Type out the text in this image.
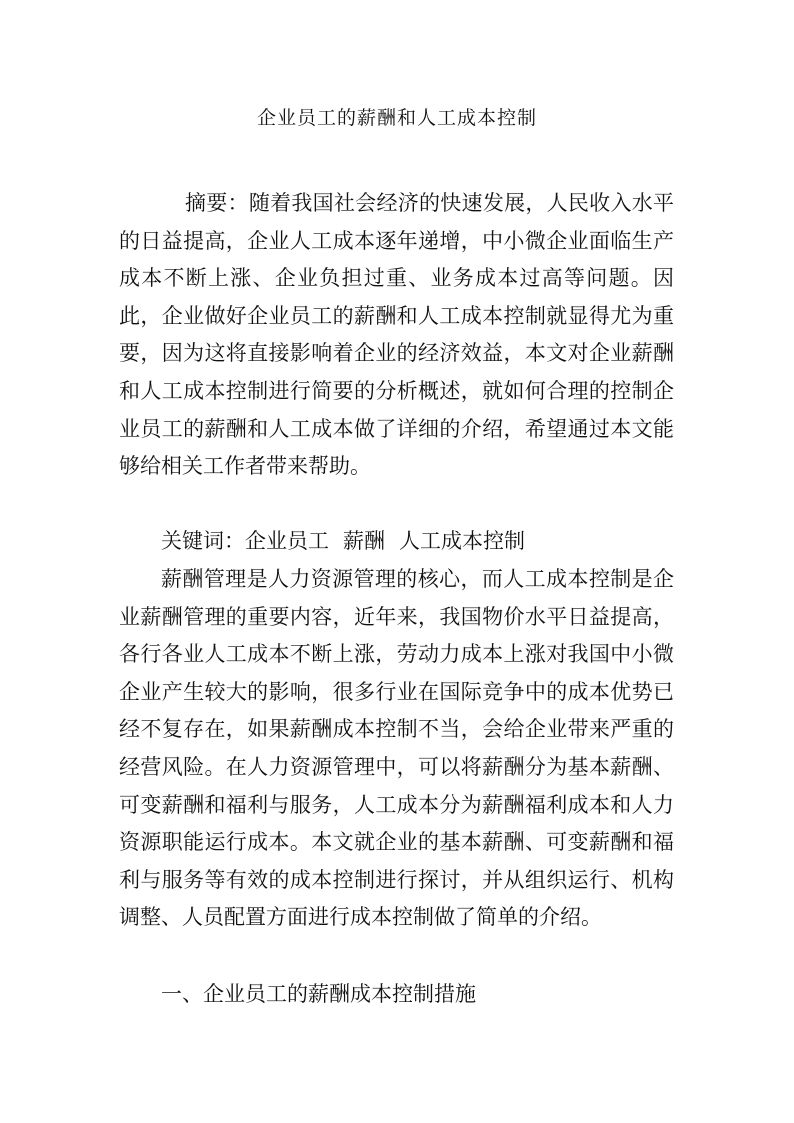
企业员工的薪酬和人工成本控制

摘要：随着我国社会经济的快速发展，人民收入水平的日益提高，企业人工成本逐年递增，中小微企业面临生产成本不断上涨、企业负担过重、业务成本过高等问题。因此，企业做好企业员工的薪酬和人工成本控制就显得尤为重要，因为这将直接影响着企业的经济效益，本文对企业薪酬和人工成本控制进行简要的分析概述，就如何合理的控制企业员工的薪酬和人工成本做了详细的介绍，希望通过本文能够给相关工作者带来帮助。

关键词：企业员工 薪酬 人工成本控制

薪酬管理是人力资源管理的核心，而人工成本控制是企业薪酬管理的重要内容，近年来，我国物价水平日益提高，各行各业人工成本不断上涨，劳动力成本上涨对我国中小微企业产生较大的影响，很多行业在国际竞争中的成本优势已经不复存在，如果薪酬成本控制不当，会给企业带来严重的经营风险。在人力资源管理中，可以将薪酬分为基本薪酬、可变薪酬和福利与服务，人工成本分为薪酬福利成本和人力资源职能运行成本。本文就企业的基本薪酬、可变薪酬和福利与服务等有效的成本控制进行探讨，并从组织运行、机构调整、人员配置方面进行成本控制做了简单的介绍。

一、企业员工的薪酬成本控制措施
